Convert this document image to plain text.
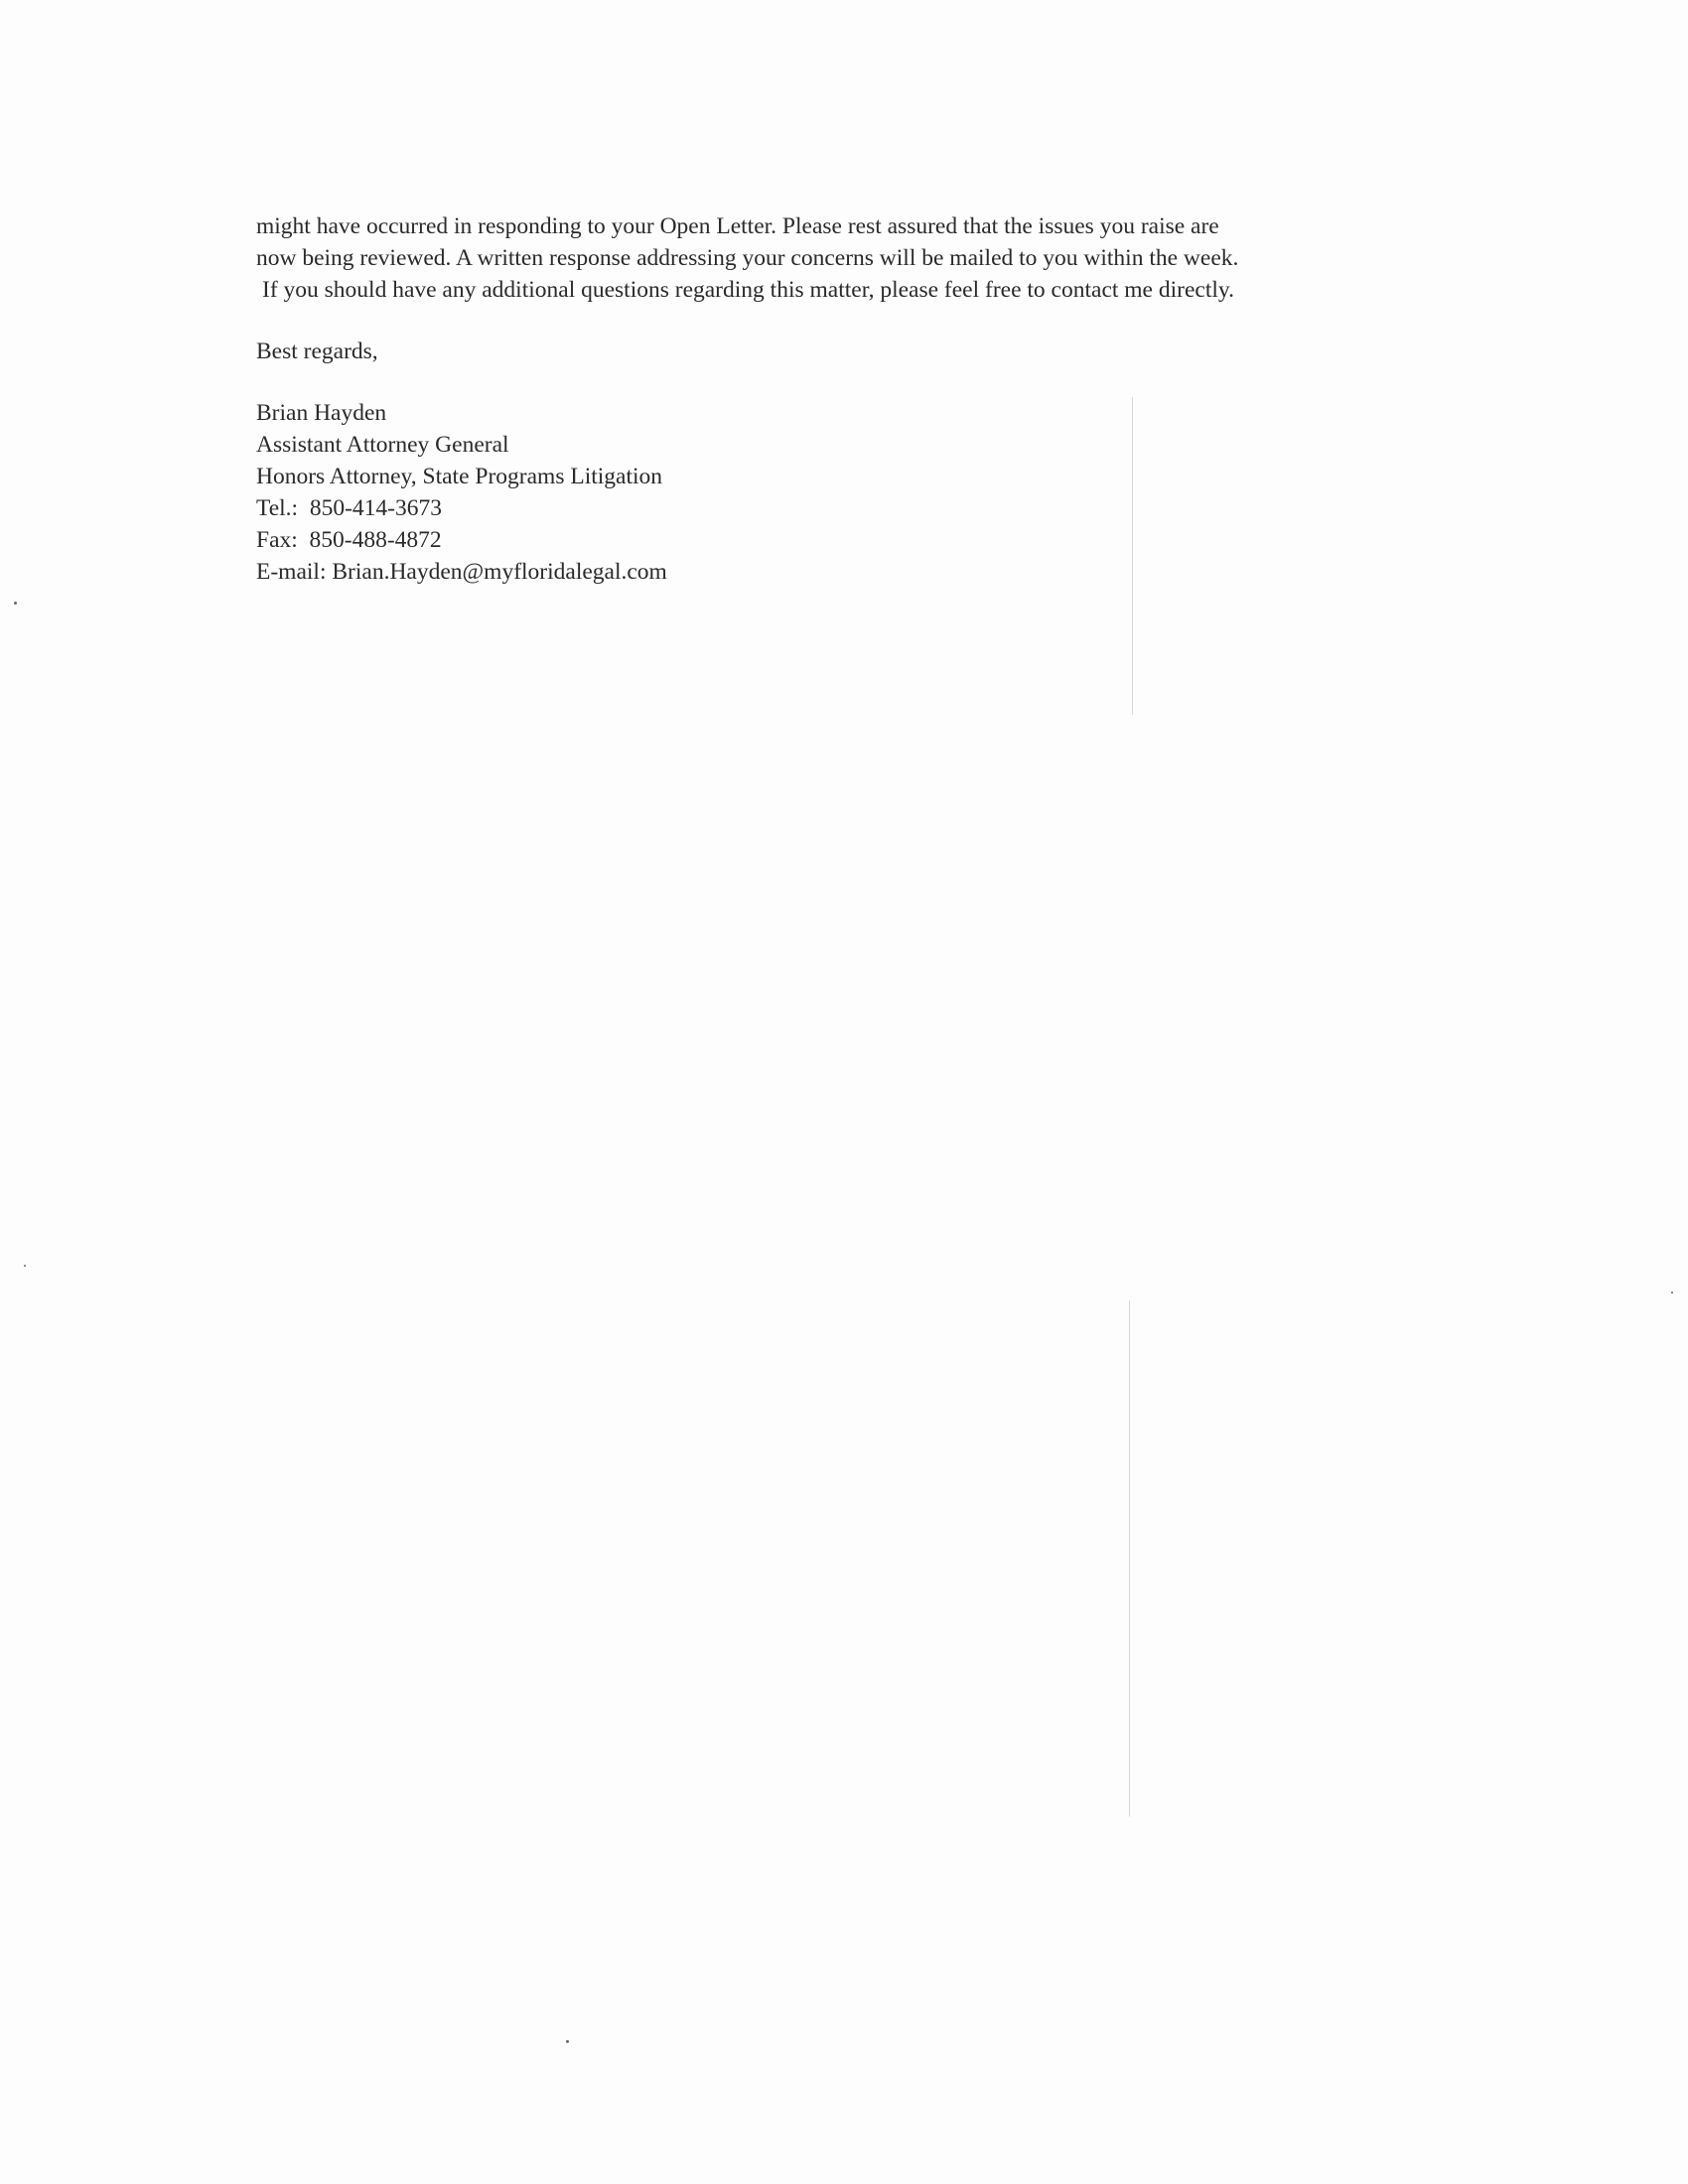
might have occurred in responding to your Open Letter. Please rest assured that the issues you raise are
now being reviewed. A written response addressing your concerns will be mailed to you within the week.
If you should have any additional questions regarding this matter, please feel free to contact me directly.
Best regards,
Brian Hayden
Assistant Attorney General
Honors Attorney, State Programs Litigation
Tel.: 850-414-3673
Fax: 850-488-4872
E-mail: Brian.Hayden@myfloridalegal.com
